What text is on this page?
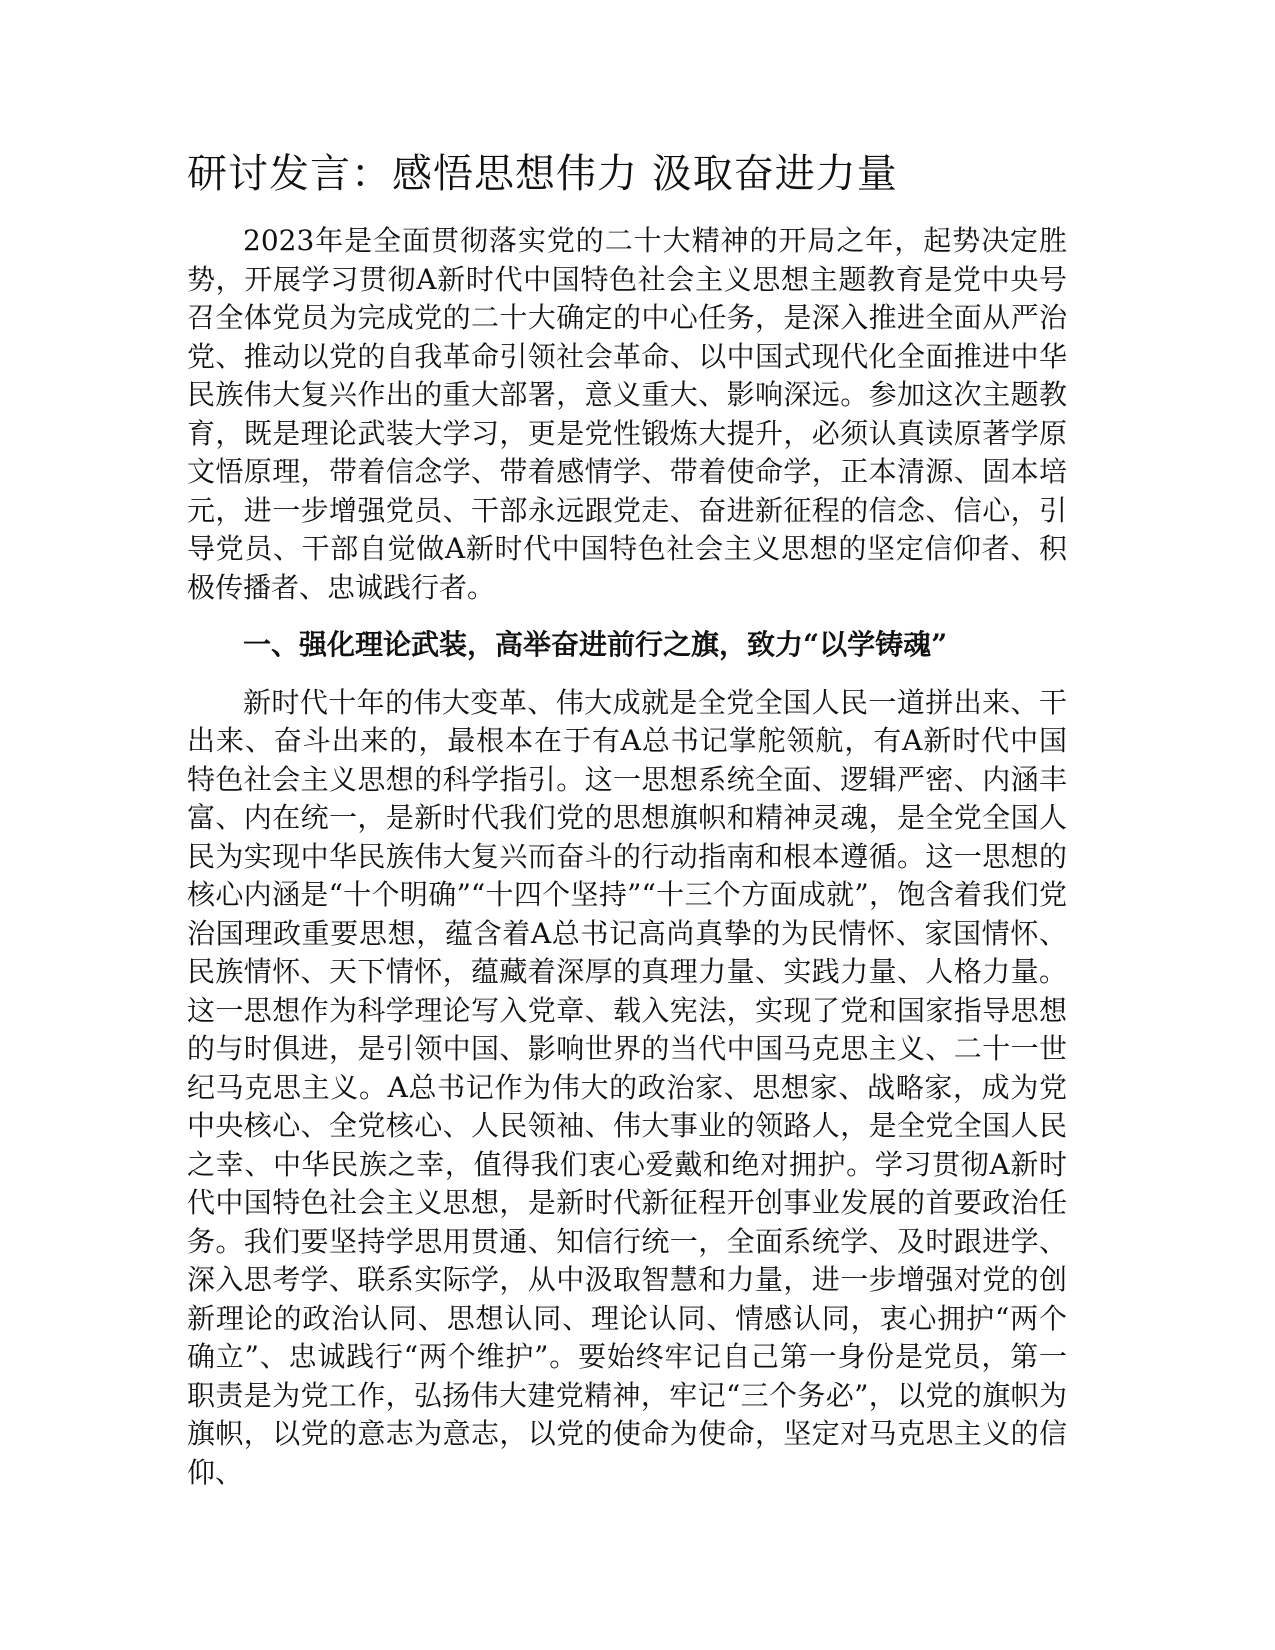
研讨发言：感悟思想伟力 汲取奋进力量

2023年是全面贯彻落实党的二十大精神的开局之年，起势决定胜势，开展学习贯彻A新时代中国特色社会主义思想主题教育是党中央号召全体党员为完成党的二十大确定的中心任务，是深入推进全面从严治党、推动以党的自我革命引领社会革命、以中国式现代化全面推进中华民族伟大复兴作出的重大部署，意义重大、影响深远。参加这次主题教育，既是理论武装大学习，更是党性锻炼大提升，必须认真读原著学原文悟原理，带着信念学、带着感情学、带着使命学，正本清源、固本培元，进一步增强党员、干部永远跟党走、奋进新征程的信念、信心，引导党员、干部自觉做A新时代中国特色社会主义思想的坚定信仰者、积极传播者、忠诚践行者。

一、强化理论武装，高举奋进前行之旗，致力“以学铸魂”

新时代十年的伟大变革、伟大成就是全党全国人民一道拼出来、干出来、奋斗出来的，最根本在于有A总书记掌舵领航，有A新时代中国特色社会主义思想的科学指引。这一思想系统全面、逻辑严密、内涵丰富、内在统一，是新时代我们党的思想旗帜和精神灵魂，是全党全国人民为实现中华民族伟大复兴而奋斗的行动指南和根本遵循。这一思想的核心内涵是“十个明确”“十四个坚持”“十三个方面成就”，饱含着我们党治国理政重要思想，蕴含着A总书记高尚真挚的为民情怀、家国情怀、民族情怀、天下情怀，蕴藏着深厚的真理力量、实践力量、人格力量。这一思想作为科学理论写入党章、载入宪法，实现了党和国家指导思想的与时俱进，是引领中国、影响世界的当代中国马克思主义、二十一世纪马克思主义。A总书记作为伟大的政治家、思想家、战略家，成为党中央核心、全党核心、人民领袖、伟大事业的领路人，是全党全国人民之幸、中华民族之幸，值得我们衷心爱戴和绝对拥护。学习贯彻A新时代中国特色社会主义思想，是新时代新征程开创事业发展的首要政治任务。我们要坚持学思用贯通、知信行统一，全面系统学、及时跟进学、深入思考学、联系实际学，从中汲取智慧和力量，进一步增强对党的创新理论的政治认同、思想认同、理论认同、情感认同，衷心拥护“两个确立”、忠诚践行“两个维护”。要始终牢记自己第一身份是党员，第一职责是为党工作，弘扬伟大建党精神，牢记“三个务必”，以党的旗帜为旗帜，以党的意志为意志，以党的使命为使命，坚定对马克思主义的信仰、
